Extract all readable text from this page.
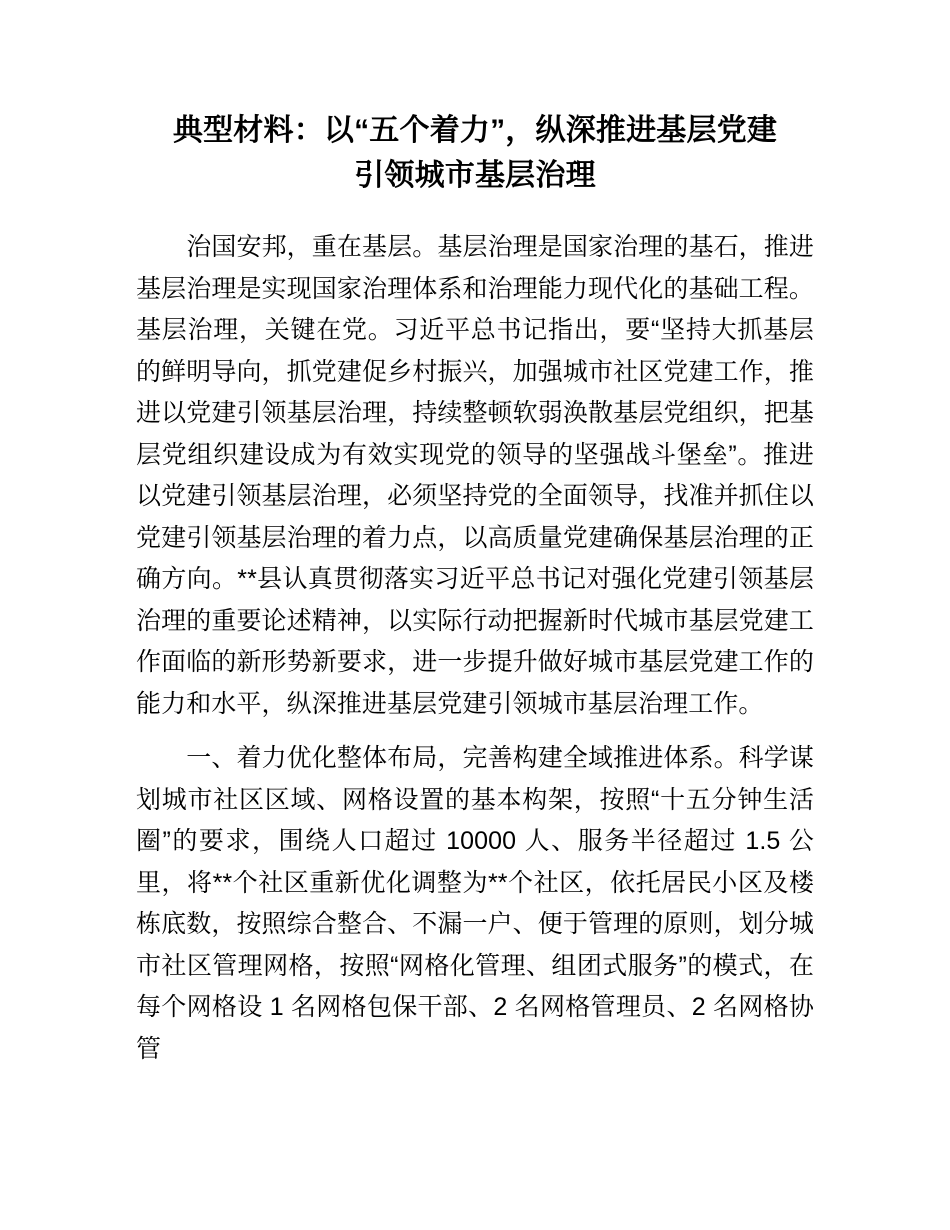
典型材料：以“五个着力”，纵深推进基层党建
引领城市基层治理

　　治国安邦，重在基层。基层治理是国家治理的基石，推进基层治理是实现国家治理体系和治理能力现代化的基础工程。基层治理，关键在党。习近平总书记指出，要“坚持大抓基层的鲜明导向，抓党建促乡村振兴，加强城市社区党建工作，推进以党建引领基层治理，持续整顿软弱涣散基层党组织，把基层党组织建设成为有效实现党的领导的坚强战斗堡垒”。推进以党建引领基层治理，必须坚持党的全面领导，找准并抓住以党建引领基层治理的着力点，以高质量党建确保基层治理的正确方向。**县认真贯彻落实习近平总书记对强化党建引领基层治理的重要论述精神，以实际行动把握新时代城市基层党建工作面临的新形势新要求，进一步提升做好城市基层党建工作的能力和水平，纵深推进基层党建引领城市基层治理工作。

　　一、着力优化整体布局，完善构建全域推进体系。科学谋划城市社区区域、网格设置的基本构架，按照“十五分钟生活圈”的要求，围绕人口超过 10000 人、服务半径超过 1.5 公里，将**个社区重新优化调整为**个社区，依托居民小区及楼栋底数，按照综合整合、不漏一户、便于管理的原则，划分城市社区管理网格，按照“网格化管理、组团式服务”的模式，在每个网格设 1 名网格包保干部、2 名网格管理员、2 名网格协管
